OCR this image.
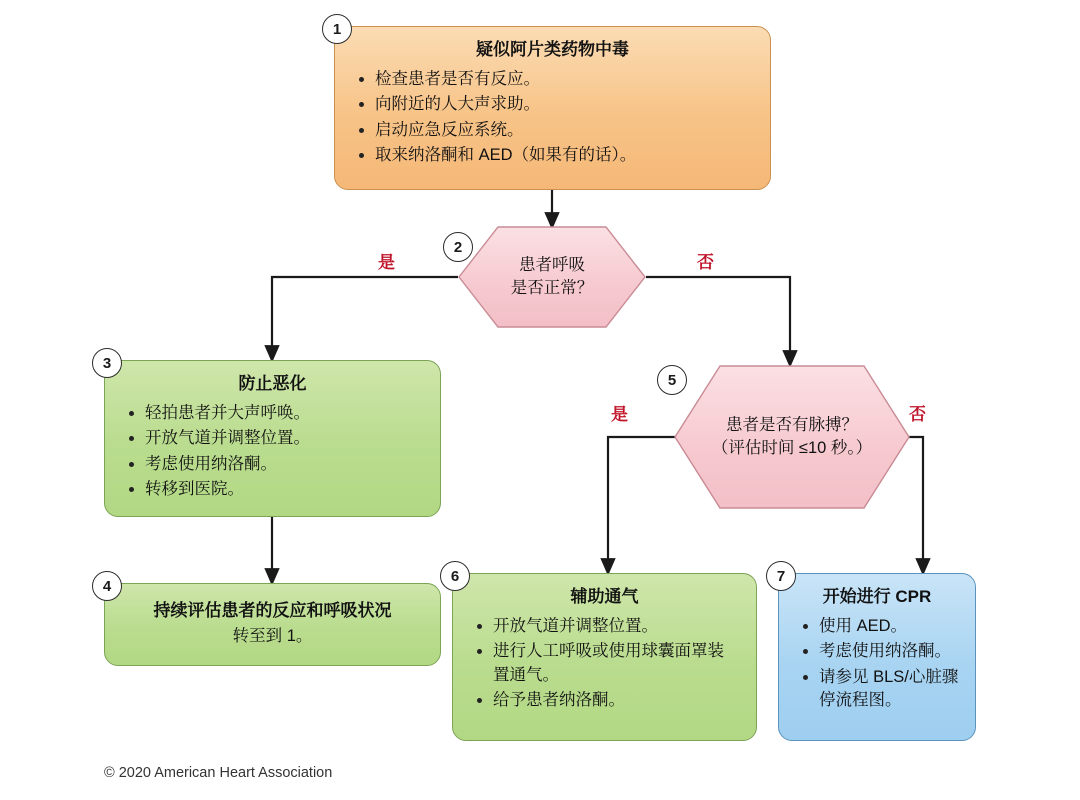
疑似阿片类药物中毒
检查患者是否有反应。
向附近的人大声求助。
启动应急反应系统。
取来纳洛酮和 AED（如果有的话）。
1
患者呼吸
是否正常？
2
是	否
防止恶化
轻拍患者并大声呼唤。
开放气道并调整位置。
考虑使用纳洛酮。
转移到医院。
3
持续评估患者的反应和呼吸状况
转至到 1。
4
患者是否有脉搏？
（评估时间 ≤10 秒。）
5
是	否
辅助通气
开放气道并调整位置。
进行人工呼吸或使用球囊面罩装置通气。
给予患者纳洛酮。
6
开始进行 CPR
使用 AED。
考虑使用纳洛酮。
请参见 BLS/心脏骤停流程图。
7
© 2020 American Heart Association
